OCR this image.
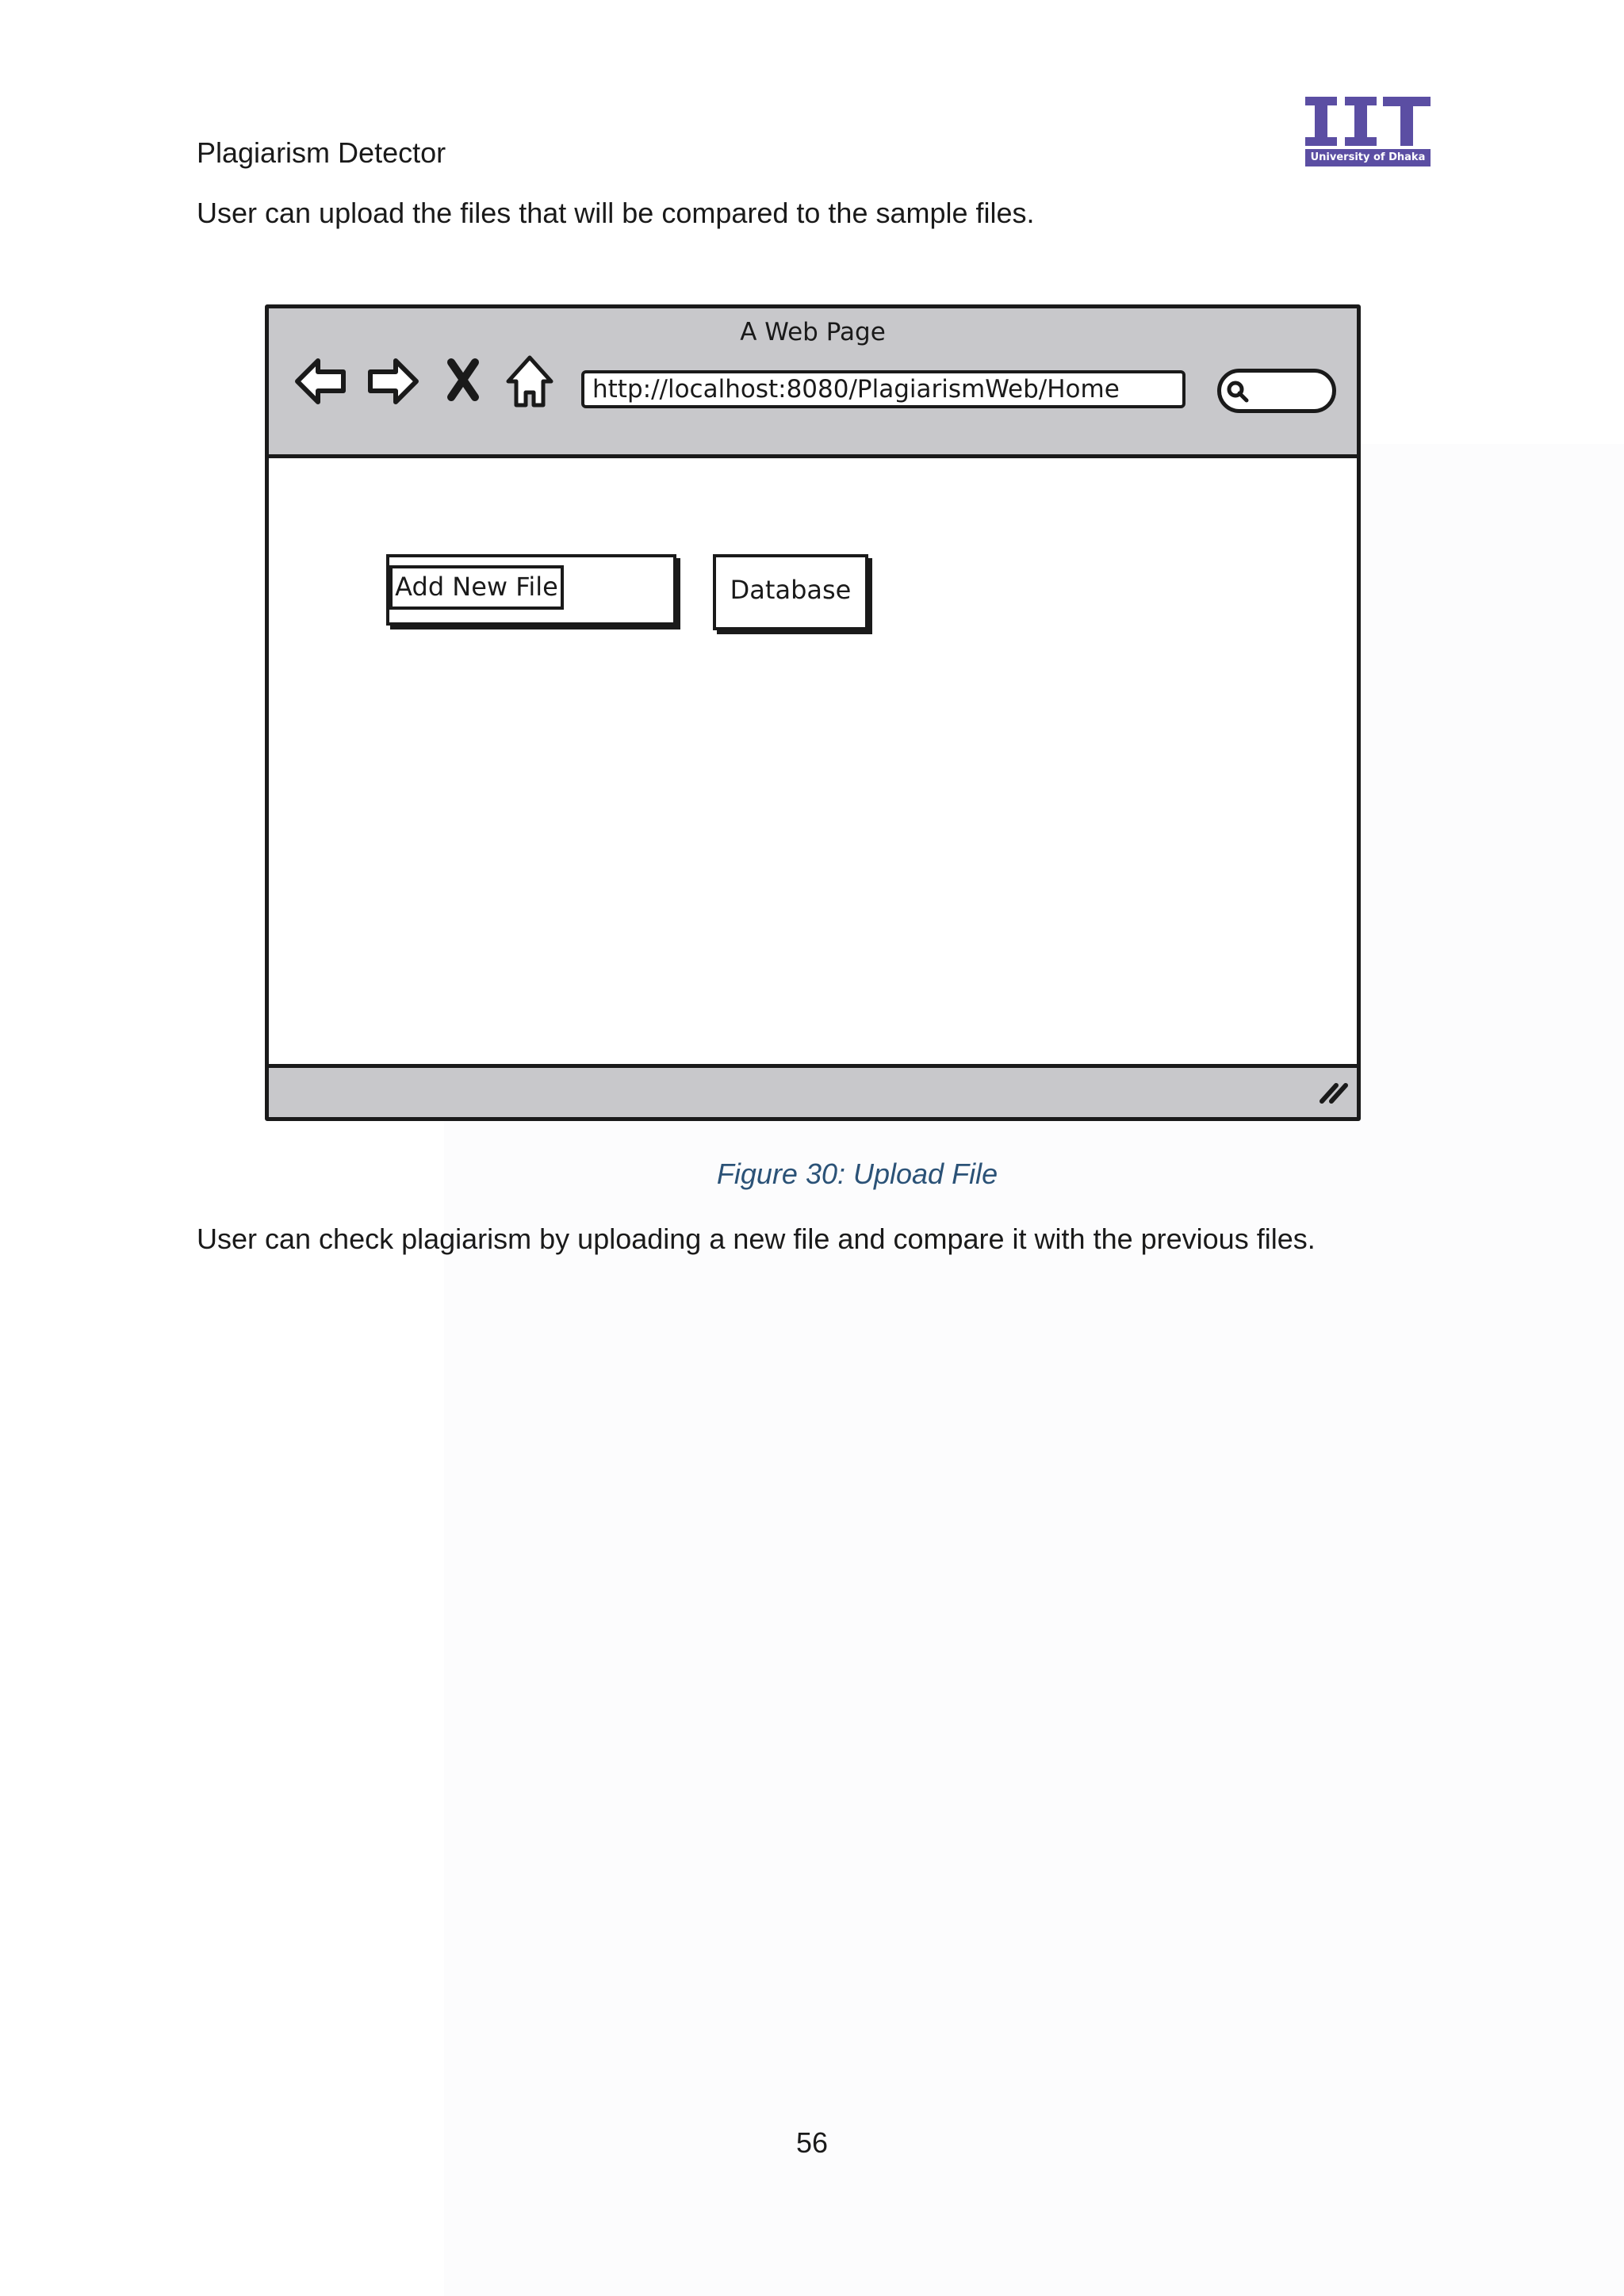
Plagiarism Detector	University of Dhaka
User can upload the files that will be compared to the sample files.
A Web Page
http://localhost:8080/PlagiarismWeb/Home
Add New File	Database
Figure 30: Upload File
User can check plagiarism by uploading a new file and compare it with the previous files.
56
